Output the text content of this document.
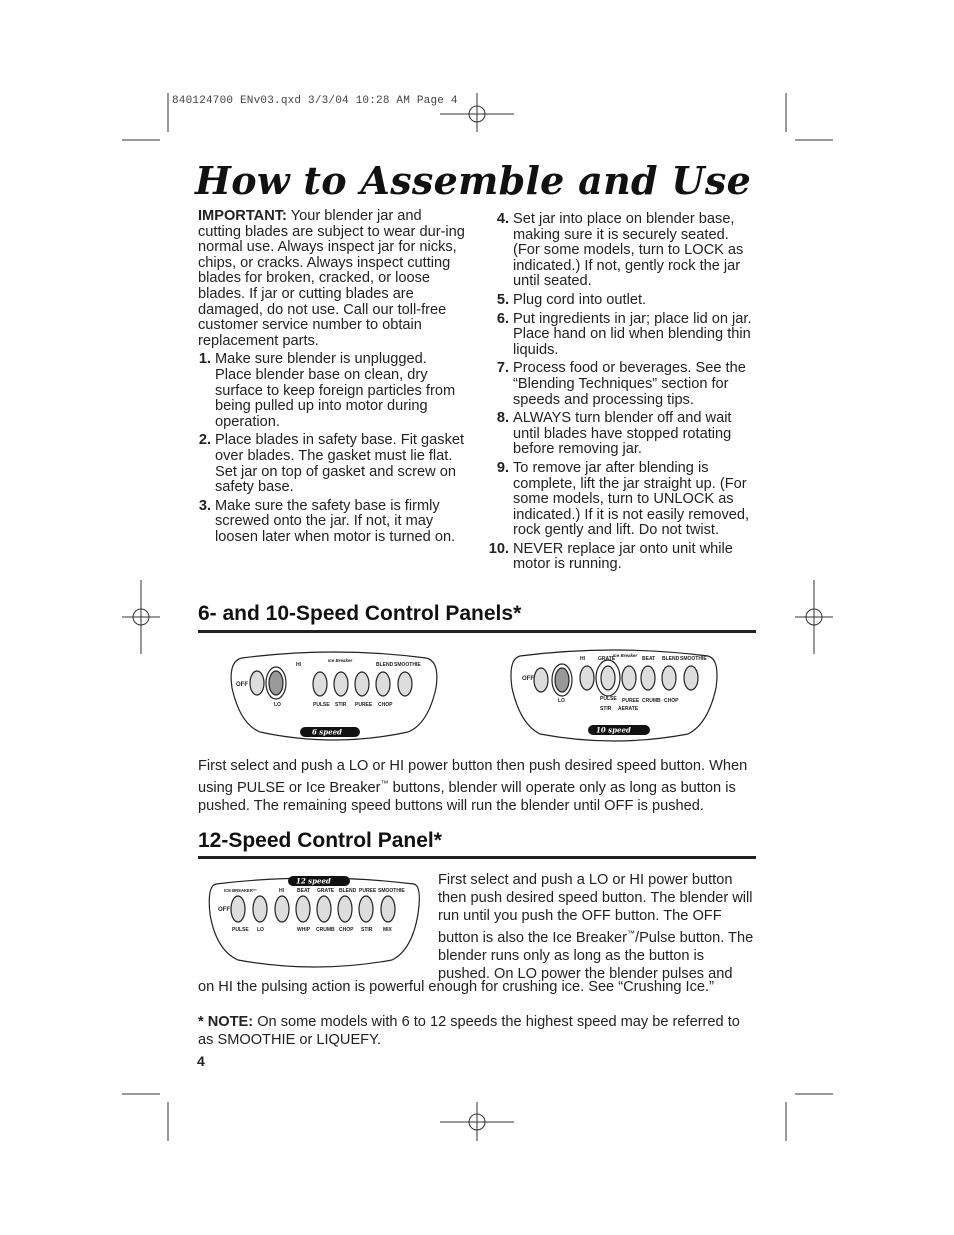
840124700 ENv03.qxd 3/3/04 10:28 AM Page 4
How to Assemble and Use

IMPORTANT: Your blender jar and cutting blades are subject to wear dur-ing normal use. Always inspect jar for nicks, chips, or cracks. Always inspect cutting blades for broken, cracked, or loose blades. If jar or cutting blades are damaged, do not use. Call our toll-free customer service number to obtain replacement parts.

1. Make sure blender is unplugged. Place blender base on clean, dry surface to keep foreign particles from being pulled up into motor during operation.
2. Place blades in safety base. Fit gasket over blades. The gasket must lie flat. Set jar on top of gasket and screw on safety base.
3. Make sure the safety base is firmly screwed onto the jar. If not, it may loosen later when motor is turned on.
4. Set jar into place on blender base, making sure it is securely seated. (For some models, turn to LOCK as indicated.) If not, gently rock the jar until seated.
5. Plug cord into outlet.
6. Put ingredients in jar; place lid on jar. Place hand on lid when blending thin liquids.
7. Process food or beverages. See the “Blending Techniques” section for speeds and processing tips.
8. ALWAYS turn blender off and wait until blades have stopped rotating before removing jar.
9. To remove jar after blending is complete, lift the jar straight up. (For some models, turn to UNLOCK as indicated.) If it is not easily removed, rock gently and lift. Do not twist.
10. NEVER replace jar onto unit while motor is running.
6- and 10-Speed Control Panels*
OFF
HI	BLEND SMOOTHIE
Ice Breaker
LO	PULSE STIR PUREE CHOP
6 speed
OFF
HI	GRATE	BEAT BLEND SMOOTHIE
Ice Breaker
LO	PULSE PUREE CRUMB CHOP
STIR AERATE
10 speed
First select and push a LO or HI power button then push desired speed button. When using PULSE or Ice Breaker™ buttons, blender will operate only as long as button is pushed. The remaining speed buttons will run the blender until OFF is pushed.
12-Speed Control Panel*
12 speed
OFF
ICE BREAKER™	HI	BEAT GRATE BLEND PUREE SMOOTHIE
PULSE LO	WHIP CRUMB CHOP STIR MIX
First select and push a LO or HI power button then push desired speed button. The blender will run until you push the OFF button. The OFF button is also the Ice Breaker™/Pulse button. The blender runs only as long as the button is pushed. On LO power the blender pulses and
on HI the pulsing action is powerful enough for crushing ice. See “Crushing Ice.”
* NOTE: On some models with 6 to 12 speeds the highest speed may be referred to as SMOOTHIE or LIQUEFY.
4
